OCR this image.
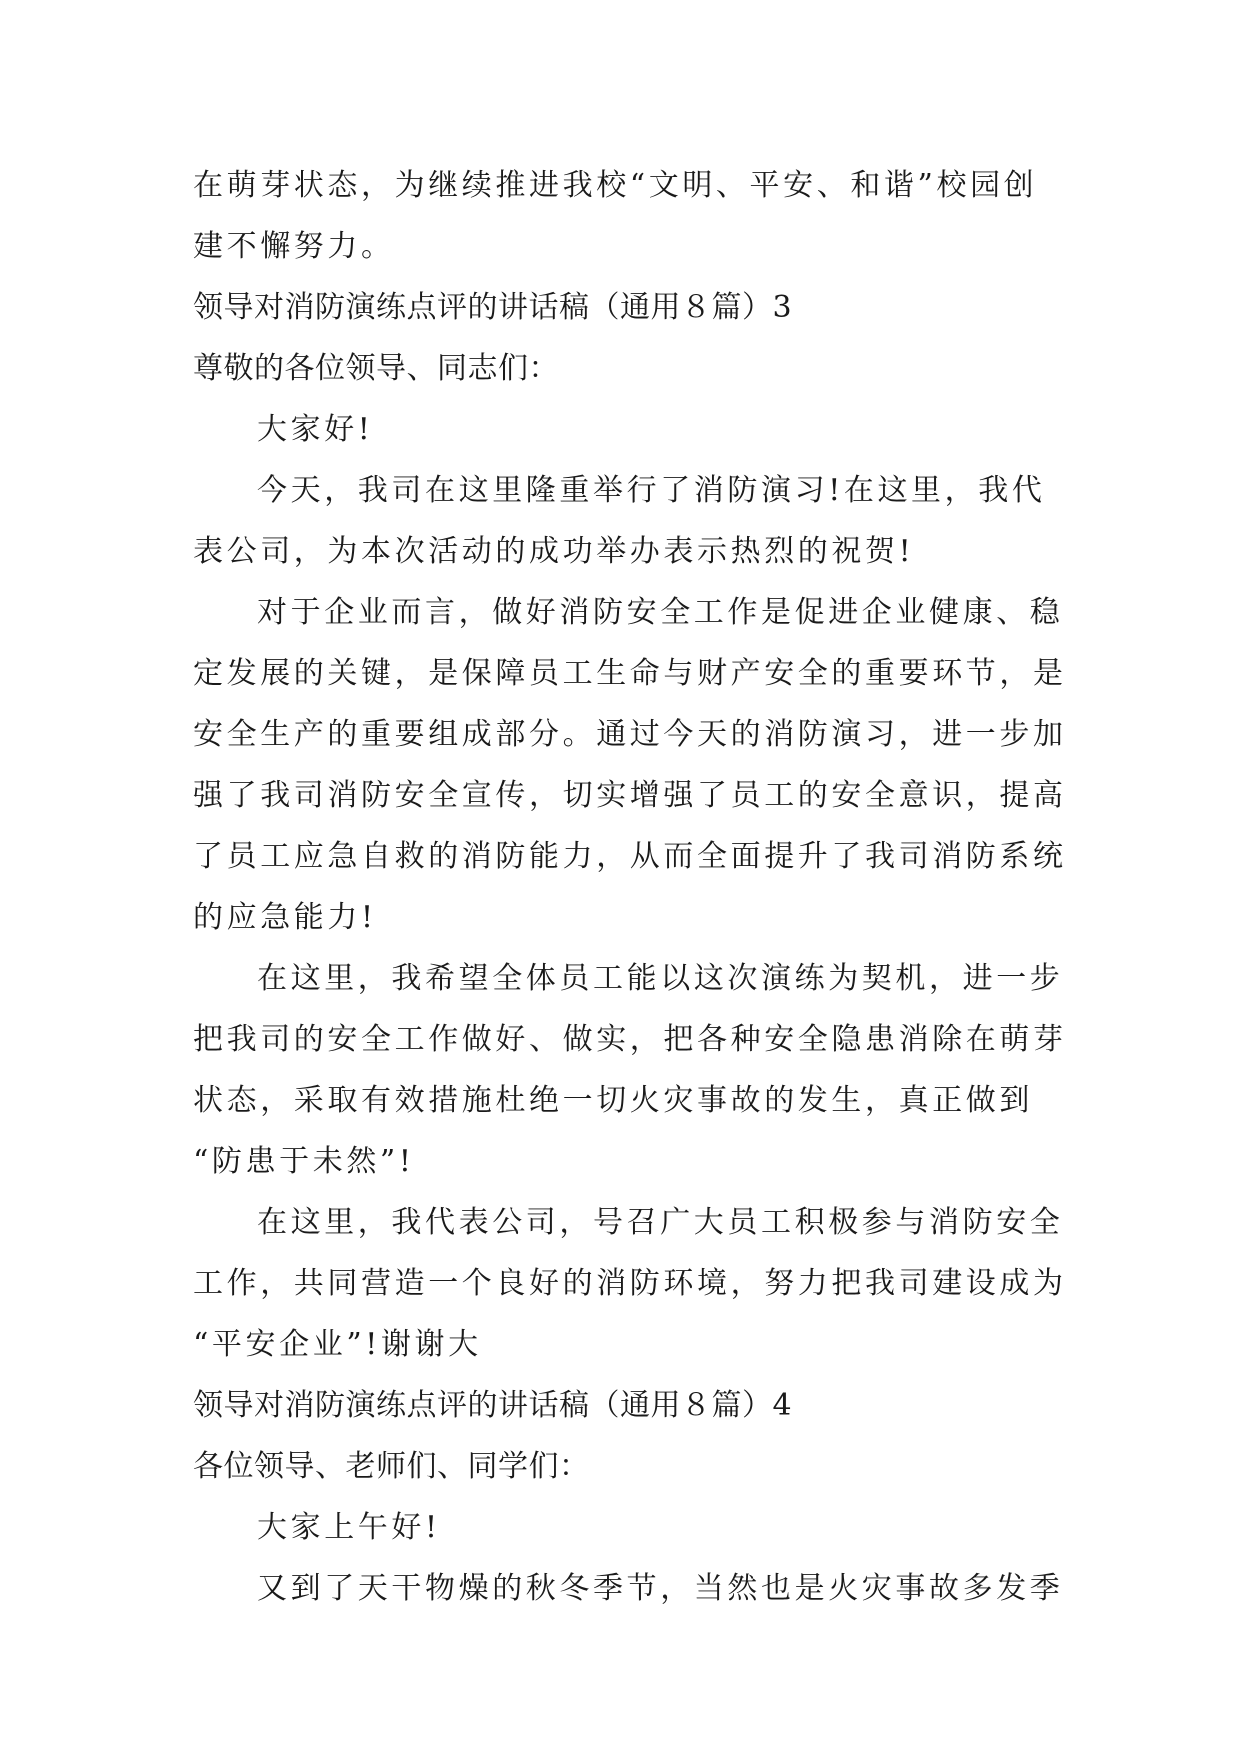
在萌芽状态，为继续推进我校“文明、平安、和谐”校园创
建不懈努力。
领导对消防演练点评的讲话稿（通用８篇）3
尊敬的各位领导、同志们：
大家好!
今天，我司在这里隆重举行了消防演习!在这里，我代
表公司，为本次活动的成功举办表示热烈的祝贺!
对于企业而言，做好消防安全工作是促进企业健康、稳
定发展的关键，是保障员工生命与财产安全的重要环节，是
安全生产的重要组成部分。通过今天的消防演习，进一步加
强了我司消防安全宣传，切实增强了员工的安全意识，提高
了员工应急自救的消防能力，从而全面提升了我司消防系统
的应急能力!
在这里，我希望全体员工能以这次演练为契机，进一步
把我司的安全工作做好、做实，把各种安全隐患消除在萌芽
状态，采取有效措施杜绝一切火灾事故的发生，真正做到
“防患于未然”!
在这里，我代表公司，号召广大员工积极参与消防安全
工作，共同营造一个良好的消防环境，努力把我司建设成为
“平安企业”!谢谢大
领导对消防演练点评的讲话稿（通用８篇）4
各位领导、老师们、同学们：
大家上午好!
又到了天干物燥的秋冬季节，当然也是火灾事故多发季
